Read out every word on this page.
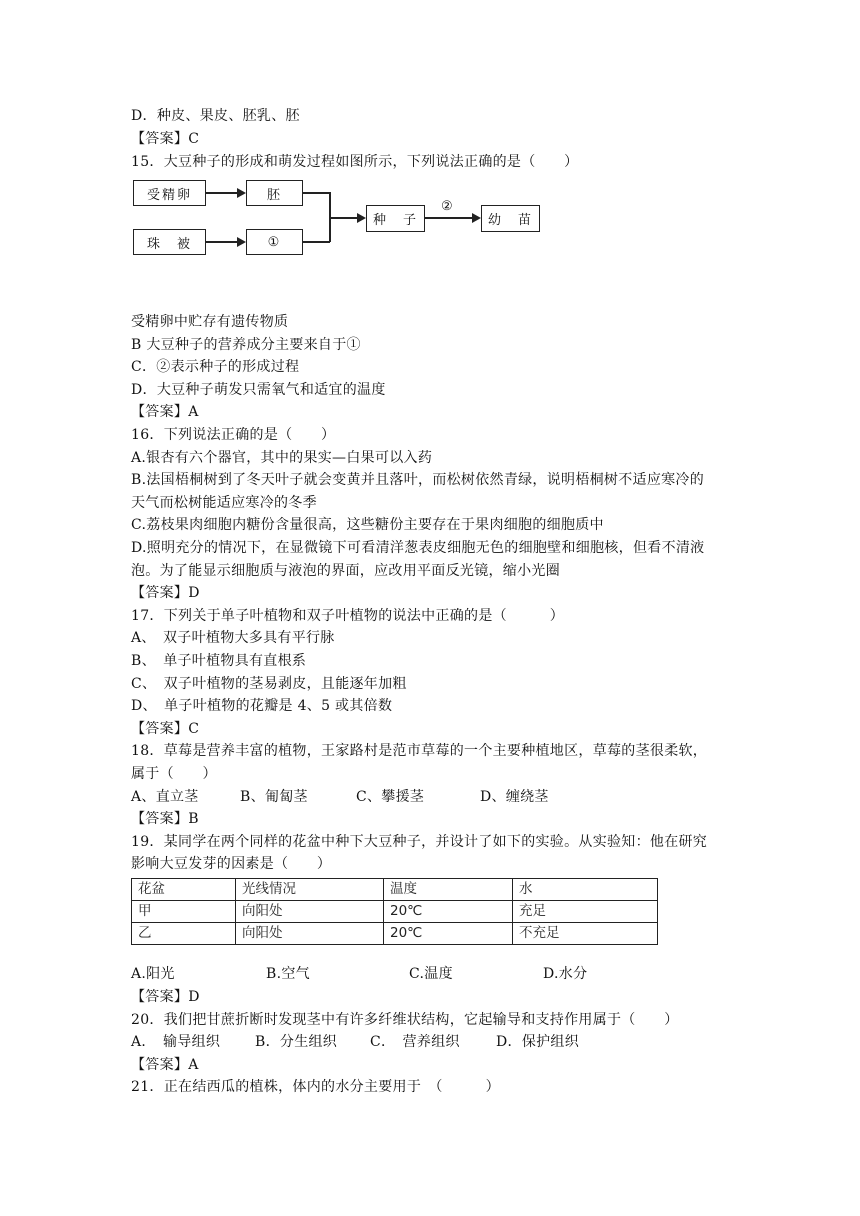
D．种皮、果皮、胚乳、胚
【答案】C
15．大豆种子的形成和萌发过程如图所示，下列说法正确的是（　　）
受精卵
珠　被
胚
①
种　子	幼　苗
②
受精卵中贮存有遗传物质
B 大豆种子的营养成分主要来自于①
C．②表示种子的形成过程
D．大豆种子萌发只需氧气和适宜的温度
【答案】A
16．下列说法正确的是（　　）
A.银杏有六个器官，其中的果实—白果可以入药
B.法国梧桐树到了冬天叶子就会变黄并且落叶，而松树依然青绿，说明梧桐树不适应寒冷的
天气而松树能适应寒冷的冬季
C.荔枝果肉细胞内糖份含量很高，这些糖份主要存在于果肉细胞的细胞质中
D.照明充分的情况下，在显微镜下可看清洋葱表皮细胞无色的细胞壁和细胞核，但看不清液
泡。为了能显示细胞质与液泡的界面，应改用平面反光镜，缩小光圈
【答案】D
17．下列关于单子叶植物和双子叶植物的说法中正确的是（　　　）
A、　双子叶植物大多具有平行脉
B、　单子叶植物具有直根系
C、　双子叶植物的茎易剥皮，且能逐年加粗
D、　单子叶植物的花瓣是 4、5 或其倍数
【答案】C
18．草莓是营养丰富的植物，王家路村是范市草莓的一个主要种植地区，草莓的茎很柔软，
属于（　　）
A、直立茎	B、匍匐茎	C、攀援茎	D、缠绕茎
【答案】B
19．某同学在两个同样的花盆中种下大豆种子，并设计了如下的实验。从实验知：他在研究
影响大豆发芽的因素是（　　）
花盆	光线情况	温度	水
甲	向阳处	20℃	充足
乙	向阳处	20℃	不充足
A.阳光	B.空气	C.温度	D.水分
【答案】D
20．我们把甘蔗折断时发现茎中有许多纤维状结构，它起输导和支持作用属于（　　）
A．　输导组织 B．分生组织 C．　营养组织	D．保护组织
【答案】A
21．正在结西瓜的植株，体内的水分主要用于　（　　　）
